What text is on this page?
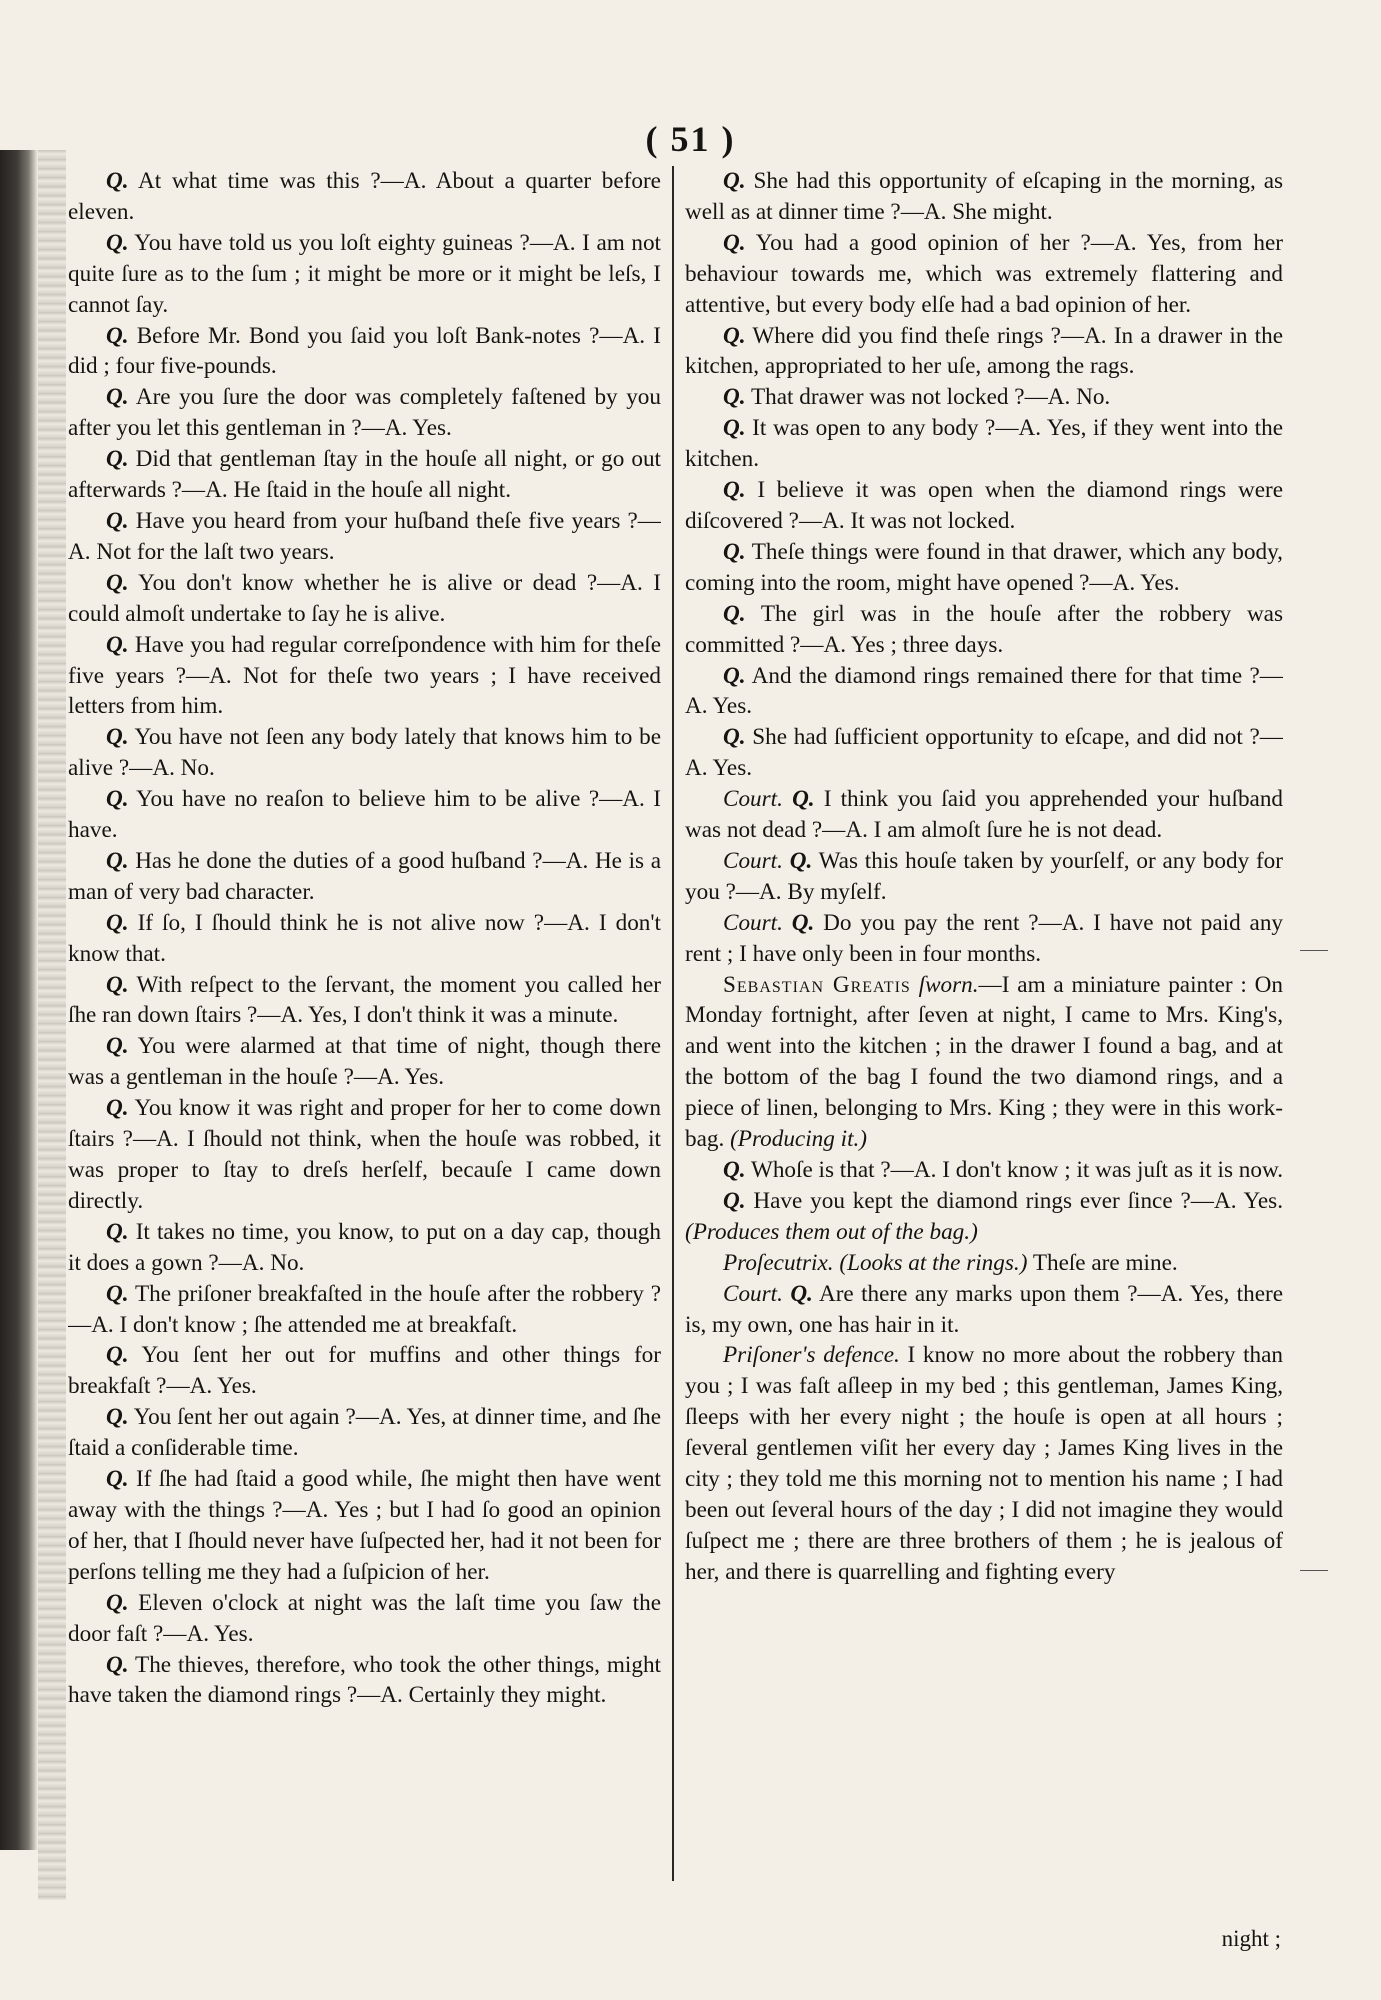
( 51 )

Q. At what time was this ?—A. About a quarter before eleven.

Q. You have told us you loſt eighty guineas ?—A. I am not quite ſure as to the ſum ; it might be more or it might be leſs, I cannot ſay.

Q. Before Mr. Bond you ſaid you loſt Bank-notes ?—A. I did ; four five-pounds.

Q. Are you ſure the door was completely faſtened by you after you let this gentleman in ?—A. Yes.

Q. Did that gentleman ſtay in the houſe all night, or go out afterwards ?—A. He ſtaid in the houſe all night.

Q. Have you heard from your huſband theſe five years ?—A. Not for the laſt two years.

Q. You don't know whether he is alive or dead ?—A. I could almoſt undertake to ſay he is alive.

Q. Have you had regular correſpondence with him for theſe five years ?—A. Not for theſe two years ; I have received letters from him.

Q. You have not ſeen any body lately that knows him to be alive ?—A. No.

Q. You have no reaſon to believe him to be alive ?—A. I have.

Q. Has he done the duties of a good huſband ?—A. He is a man of very bad character.

Q. If ſo, I ſhould think he is not alive now ?—A. I don't know that.

Q. With reſpect to the ſervant, the moment you called her ſhe ran down ſtairs ?—A. Yes, I don't think it was a minute.

Q. You were alarmed at that time of night, though there was a gentleman in the houſe ?—A. Yes.

Q. You know it was right and proper for her to come down ſtairs ?—A. I ſhould not think, when the houſe was robbed, it was proper to ſtay to dreſs herſelf, becauſe I came down directly.

Q. It takes no time, you know, to put on a day cap, though it does a gown ?—A. No.

Q. The priſoner breakfaſted in the houſe after the robbery ?—A. I don't know ; ſhe attended me at breakfaſt.

Q. You ſent her out for muffins and other things for breakfaſt ?—A. Yes.

Q. You ſent her out again ?—A. Yes, at dinner time, and ſhe ſtaid a conſiderable time.

Q. If ſhe had ſtaid a good while, ſhe might then have went away with the things ?—A. Yes ; but I had ſo good an opinion of her, that I ſhould never have ſuſpected her, had it not been for perſons telling me they had a ſuſpicion of her.

Q. Eleven o'clock at night was the laſt time you ſaw the door faſt ?—A. Yes.

Q. The thieves, therefore, who took the other things, might have taken the diamond rings ?—A. Certainly they might.

Q. She had this opportunity of eſcaping in the morning, as well as at dinner time ?—A. She might.

Q. You had a good opinion of her ?—A. Yes, from her behaviour towards me, which was extremely flattering and attentive, but every body elſe had a bad opinion of her.

Q. Where did you find theſe rings ?—A. In a drawer in the kitchen, appropriated to her uſe, among the rags.

Q. That drawer was not locked ?—A. No.

Q. It was open to any body ?—A. Yes, if they went into the kitchen.

Q. I believe it was open when the diamond rings were diſcovered ?—A. It was not locked.

Q. Theſe things were found in that drawer, which any body, coming into the room, might have opened ?—A. Yes.

Q. The girl was in the houſe after the robbery was committed ?—A. Yes ; three days.

Q. And the diamond rings remained there for that time ?—A. Yes.

Q. She had ſufficient opportunity to eſcape, and did not ?—A. Yes.

Court. Q. I think you ſaid you apprehended your huſband was not dead ?—A. I am almoſt ſure he is not dead.

Court. Q. Was this houſe taken by yourſelf, or any body for you ?—A. By myſelf.

Court. Q. Do you pay the rent ?—A. I have not paid any rent ; I have only been in four months.

Sebastian Greatis ſworn.—I am a miniature painter : On Monday fortnight, after ſeven at night, I came to Mrs. King's, and went into the kitchen ; in the drawer I found a bag, and at the bottom of the bag I found the two diamond rings, and a piece of linen, belonging to Mrs. King ; they were in this work-bag. (Producing it.)

Q. Whoſe is that ?—A. I don't know ; it was juſt as it is now.

Q. Have you kept the diamond rings ever ſince ?—A. Yes. (Produces them out of the bag.)

Proſecutrix. (Looks at the rings.) Theſe are mine.

Court. Q. Are there any marks upon them ?—A. Yes, there is, my own, one has hair in it.

Priſoner's defence. I know no more about the robbery than you ; I was faſt aſleep in my bed ; this gentleman, James King, ſleeps with her every night ; the houſe is open at all hours ; ſeveral gentlemen viſit her every day ; James King lives in the city ; they told me this morning not to mention his name ; I had been out ſeveral hours of the day ; I did not imagine they would ſuſpect me ; there are three brothers of them ; he is jealous of her, and there is quarrelling and fighting every

night ;
